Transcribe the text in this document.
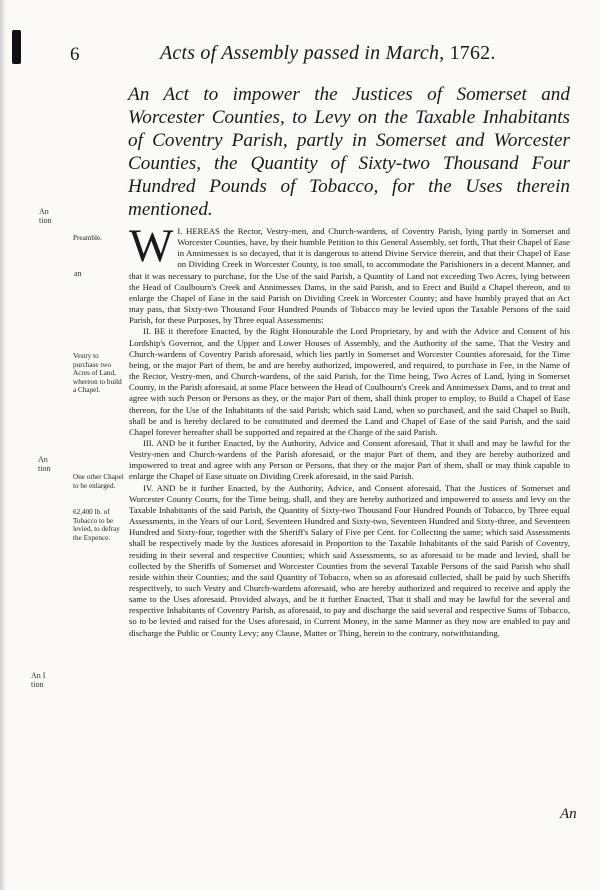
6	Acts of Assembly passed in March, 1762.
An Act to impower the Justices of Somerset and Worcester Counties, to Levy on the Taxable Inhabitants of Coventry Parish, partly in Somerset and Worcester Counties, the Quantity of Sixty-two Thousand Four Hundred Pounds of Tobacco, for the Uses therein mentioned.
An tion
an
An tion
An I tion
Preamble.
Vestry to purchase two Acres of Land, whereon to build a Chapel.
One other Chapel to be enlarged.
62,400 lb. of Tobacco to be levied, to defray the Expence.

I.
W HEREAS the Rector, Vestry-men, and Church-wardens, of Coventry Parish, lying partly in Somerset and Worcester Counties, have, by their humble Petition to this General Assembly, set forth, That their Chapel of Ease in Annimessex is so decayed, that it is dangerous to attend Divine Service therein, and that their Chapel of Ease on Dividing Creek in Worcester County, is too small, to accommodate the Parishioners in a decent Manner, and that it was necessary to purchase, for the Use of the said Parish, a Quantity of Land not exceeding Two Acres, lying between the Head of Coulbourn's Creek and Annimessex Dams, in the said Parish, and to Erect and Build a Chapel thereon, and to enlarge the Chapel of Ease in the said Parish on Dividing Creek in Worcester County; and have humbly prayed that an Act may pass, that Sixty-two Thousand Four Hundred Pounds of Tobacco may be levied upon the Taxable Persons of the said Parish, for these Purposes, by Three equal Assessments:

II. BE it therefore Enacted, by the Right Honourable the Lord Proprietary, by and with the Advice and Consent of his Lordship's Governor, and the Upper and Lower Houses of Assembly, and the Authority of the same, That the Vestry and Church-wardens of Coventry Parish aforesaid, which lies partly in Somerset and Worcester Counties aforesaid, for the Time being, or the major Part of them, be and are hereby authorized, impowered, and required, to purchase in Fee, in the Name of the Rector, Vestry-men, and Church-wardens, of the said Parish, for the Time being, Two Acres of Land, lying in Somerset County, in the Parish aforesaid, at some Place between the Head of Coulbourn's Creek and Annimessex Dams, and to treat and agree with such Person or Persons as they, or the major Part of them, shall think proper to employ, to Build a Chapel of Ease thereon, for the Use of the Inhabitants of the said Parish; which said Land, when so purchased, and the said Chapel so Built, shall be and is hereby declared to be constituted and deemed the Land and Chapel of Ease of the said Parish, and the said Chapel forever hereafter shall be supported and repaired at the Charge of the said Parish.

III. AND be it further Enacted, by the Authority, Advice and Consent aforesaid, That it shall and may be lawful for the Vestry-men and Church-wardens of the Parish aforesaid, or the major Part of them, and they are hereby authorized and impowered to treat and agree with any Person or Persons, that they or the major Part of them, shall or may think capable to enlarge the Chapel of Ease situate on Dividing Creek aforesaid, in the said Parish.

IV. AND be it further Enacted, by the Authority, Advice, and Consent aforesaid, That the Justices of Somerset and Worcester County Courts, for the Time being, shall, and they are hereby authorized and impowered to assess and levy on the Taxable Inhabitants of the said Parish, the Quantity of Sixty-two Thousand Four Hundred Pounds of Tobacco, by Three equal Assessments, in the Years of our Lord, Seventeen Hundred and Sixty-two, Seventeen Hundred and Sixty-three, and Seventeen Hundred and Sixty-four, together with the Sheriff's Salary of Five per Cent. for Collecting the same; which said Assessments shall be respectively made by the Justices aforesaid in Proportion to the Taxable Inhabitants of the said Parish of Coventry, residing in their several and respective Counties; which said Assessments, so as aforesaid to be made and levied, shall be collected by the Sheriffs of Somerset and Worcester Counties from the several Taxable Persons of the said Parish who shall reside within their Counties; and the said Quantity of Tobacco, when so as aforesaid collected, shall be paid by such Sheriffs respectively, to such Vestry and Church-wardens aforesaid, who are hereby authorized and required to receive and apply the same to the Uses aforesaid. Provided always, and be it further Enacted, That it shall and may be lawful for the several and respective Inhabitants of Coventry Parish, as aforesaid, to pay and discharge the said several and respective Sums of Tobacco, so to be levied and raised for the Uses aforesaid, in Current Money, in the same Manner as they now are enabled to pay and discharge the Public or County Levy; any Clause, Matter or Thing, herein to the contrary, notwithstanding.

An
